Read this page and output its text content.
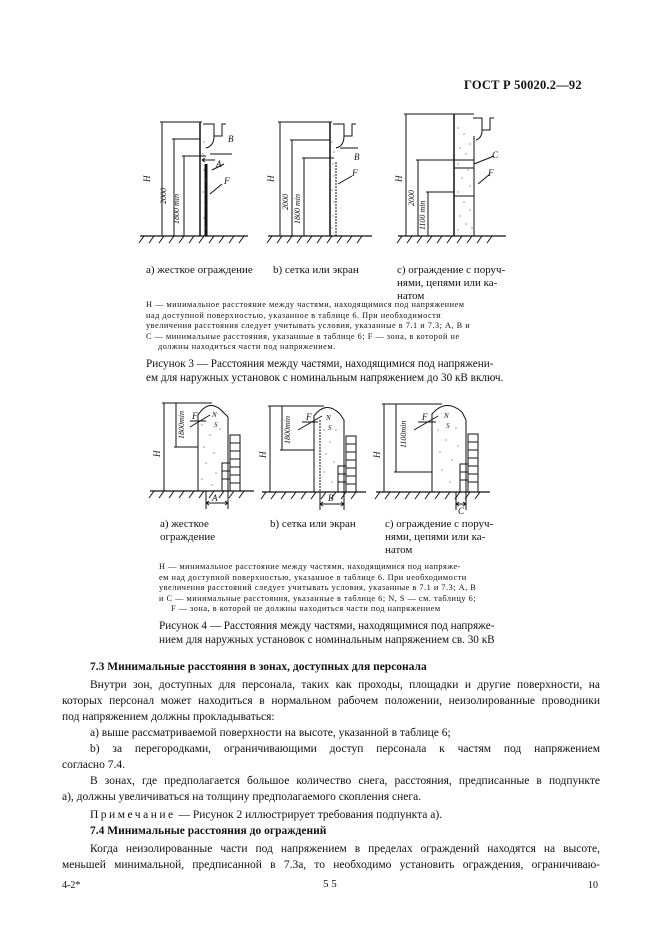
ГОСТ Р 50020.2—92
H
2000 1800 min
B
A
F	H
2000 1800 min
B
F
H
2000
1100 min
C
F
a) жесткое ограждение	b) сетка или экран	c) ограждение с поруч-
нями, цепями или ка-
натом
H — минимальное расстояние между частями, находящимися под напряжением
над доступной поверхностью, указанное в таблице 6. При необходимости
увеличения расстояния следует учитывать условия, указанные в 7.1 и 7.3; A, B и
C — минимальные расстояния, указанные в таблице 6; F — зона, в которой не
должны находиться части под напряжением.
Рисунок 3 — Расстояния между частями, находящимися под напряжени-
ем для наружных установок с номинальным напряжением до 30 кВ включ.
H
1800min	N
S
F
A
H
1800min	N
S
F
B
H
1100min
N
S
F
C
а) жесткое
ограждение
b) сетка или экран	c) ограждение с поруч-
нями, цепями или ка-
натом
H — минимальное расстояние между частями, находящимися под напряже-
ем над доступной поверхностью, указанное в таблице 6. При необходимости
увеличения расстояний следует учитывать условия, указанные в 7.1 и 7.3; A, B
и C — минимальные расстояния, указанные в таблице 6; N, S — см. таблицу 6;
F — зона, в которой не должны находиться части под напряжением
Рисунок 4 — Расстояния между частями, находящимися под напряже-
нием для наружных установок с номинальным напряжением св. 30 кВ
7.3 Минимальные расстояния в зонах, доступных для персонала
Внутри зон, доступных для персонала, таких как проходы, площадки и другие поверхности, на
которых персонал может находиться в нормальном рабочем положении, неизолированные проводники
под напряжением должны прокладываться:
a) выше рассматриваемой поверхности на высоте, указанной в таблице 6;
b) за перегородками, ограничивающими доступ персонала к частям под напряжением
согласно 7.4.
В зонах, где предполагается большое количество снега, расстояния, предписанные в подпункте
а), должны увеличиваться на толщину предполагаемого скопления снега.
Примечание — Рисунок 2 иллюстрирует требования подпункта а).
7.4 Минимальные расстояния до ограждений
Когда неизолированные части под напряжением в пределах ограждений находятся на высоте,
меньшей минимальной, предписанной в 7.3а, то необходимо установить ограждения, ограничиваю-
4-2*	5 5	10
